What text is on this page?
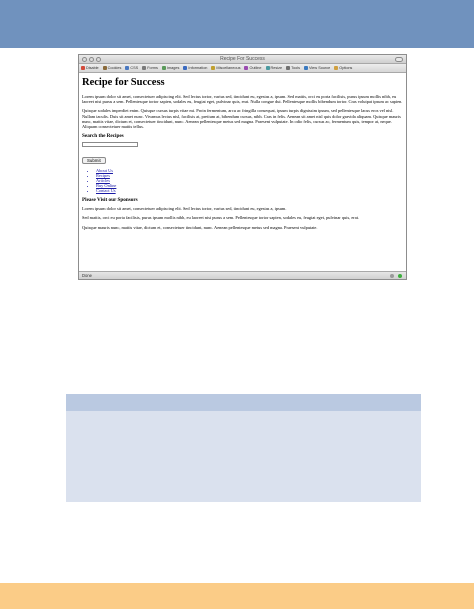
Recipe For Success
Disable Cookies CSS Forms Images Information Miscellaneous Outline Resize Tools View Source Options
Recipe for Success

Lorem ipsum dolor sit amet, consectetuer adipiscing elit. Sed lectus tortor, varius sed, tincidunt eu, egestas a, ipsum. Sed mattis, orci eu porta facilisis, purus ipsum mollis nibh, eu laoreet nisi purus a sem. Pellentesque tortor sapien, sodales eu, feugiat eget, pulvinar quis, erat. Nulla congue dui. Pellentesque mollis bibendum tortor. Cras volutpat ipsum ac sapien.

Quisque sodales imperdiet enim. Quisque cursus turpis vitae mi. Proin fermentum, arcu ac fringilla consequat, ipsum turpis dignissim ipsum, sed pellentesque lacus eros vel nisl. Nullam iaculis. Duis sit amet nunc. Vivamus lectus nisl, facilisis at, pretium at, bibendum cursus, nibh. Cras in felis. Aenean sit amet nisl quis dolor gravida aliquam. Quisque mauris nunc, mattis vitae, dictum et, consectetuer tincidunt, nunc. Aenean pellentesque metus sed magna. Praesent vulputate. In odio felis, cursus ac, fermentum quis, tempor at, neque. Aliquam consectetuer mattis tellus.

Search the Recipes
Submit
• About Us
• Recipes
• Articles
• Buy Online
• Contact Us
Please Visit our Sponsors

Lorem ipsum dolor sit amet, consectetuer adipiscing elit. Sed lectus tortor, varius sed, tincidunt eu, egestas a, ipsum.

Sed mattis, orci eu porta facilisis, purus ipsum mollis nibh, eu laoreet nisi purus a sem. Pellentesque tortor sapien, sodales eu, feugiat eget, pulvinar quis, erat.

Quisque mauris nunc, mattis vitae, dictum et, consectetuer tincidunt, nunc. Aenean pellentesque metus sed magna. Praesent vulputate.

Done
